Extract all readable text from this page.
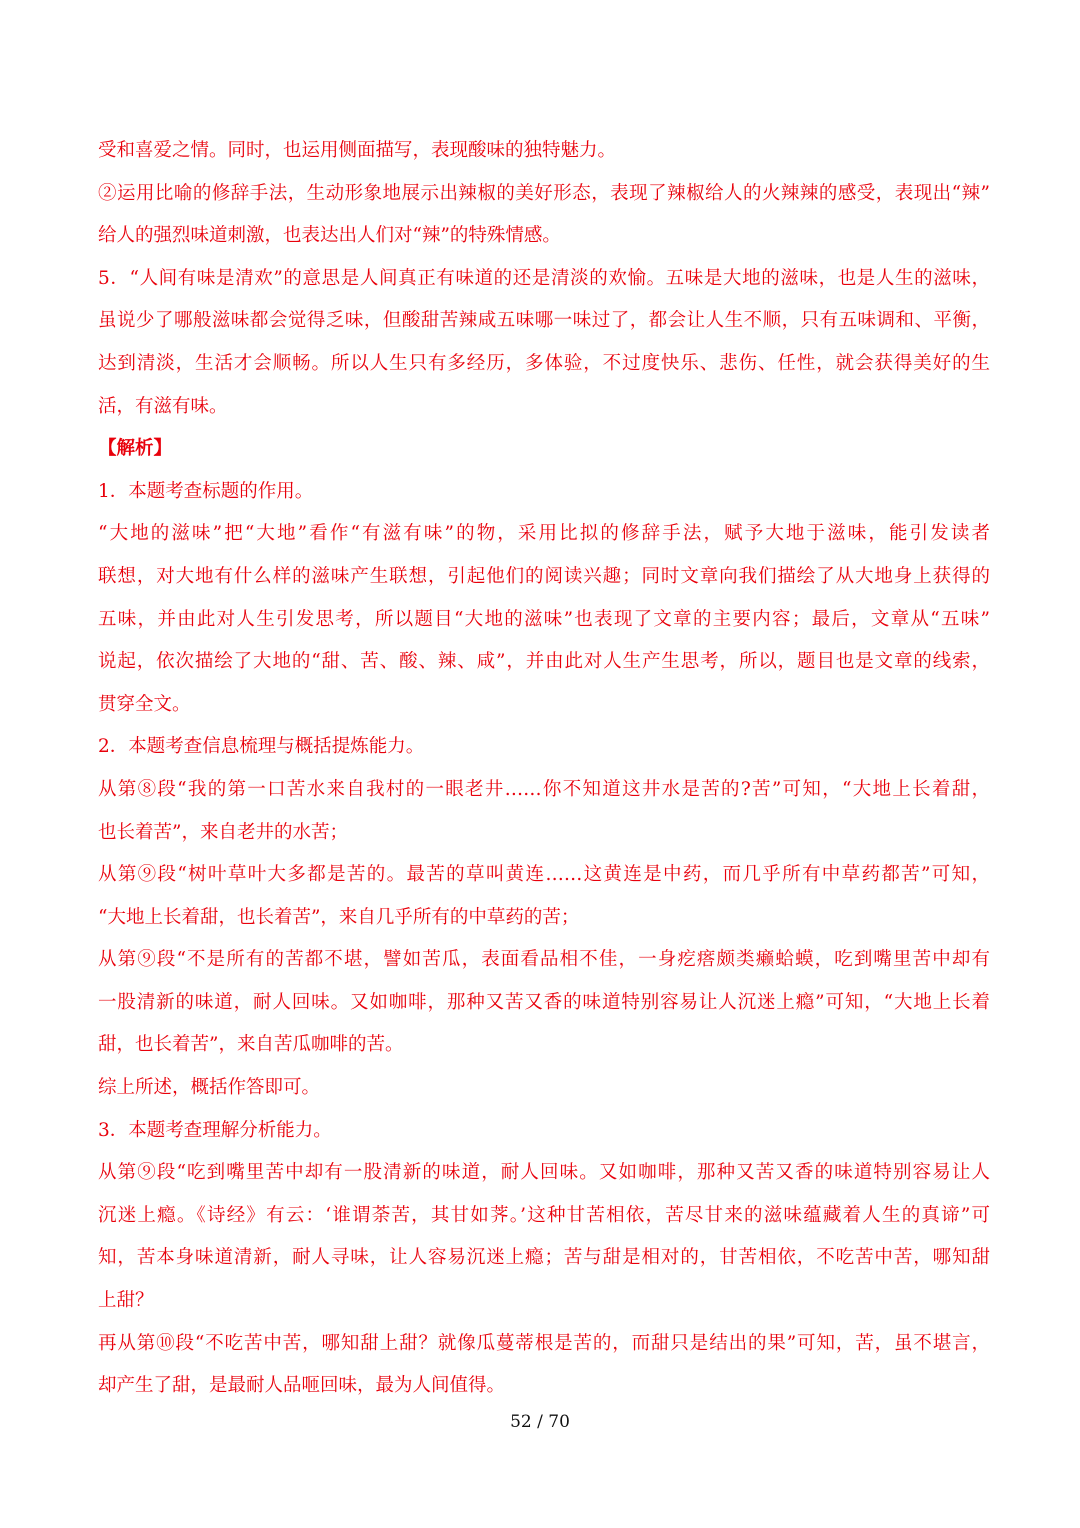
受和喜爱之情。同时，也运用侧面描写，表现酸味的独特魅力。
②运用比喻的修辞手法，生动形象地展示出辣椒的美好形态，表现了辣椒给人的火辣辣的感受，表现出“辣”
给人的强烈味道刺激，也表达出人们对“辣”的特殊情感。
5．“人间有味是清欢”的意思是人间真正有味道的还是清淡的欢愉。五味是大地的滋味，也是人生的滋味，
虽说少了哪般滋味都会觉得乏味，但酸甜苦辣咸五味哪一味过了，都会让人生不顺，只有五味调和、平衡，
达到清淡，生活才会顺畅。所以人生只有多经历，多体验，不过度快乐、悲伤、任性，就会获得美好的生
活，有滋有味。
【解析】
1．本题考查标题的作用。
“大地的滋味”把“大地”看作“有滋有味”的物，采用比拟的修辞手法，赋予大地于滋味，能引发读者
联想，对大地有什么样的滋味产生联想，引起他们的阅读兴趣；同时文章向我们描绘了从大地身上获得的
五味，并由此对人生引发思考，所以题目“大地的滋味”也表现了文章的主要内容；最后，文章从“五味”
说起，依次描绘了大地的“甜、苦、酸、辣、咸”，并由此对人生产生思考，所以，题目也是文章的线索，
贯穿全文。
2．本题考查信息梳理与概括提炼能力。
从第⑧段“我的第一口苦水来自我村的一眼老井……你不知道这井水是苦的?苦”可知，“大地上长着甜，
也长着苦”，来自老井的水苦；
从第⑨段“树叶草叶大多都是苦的。最苦的草叫黄连……这黄连是中药，而几乎所有中草药都苦”可知，
“大地上长着甜，也长着苦”，来自几乎所有的中草药的苦；
从第⑨段“不是所有的苦都不堪，譬如苦瓜，表面看品相不佳，一身疙瘩颇类癞蛤蟆，吃到嘴里苦中却有
一股清新的味道，耐人回味。又如咖啡，那种又苦又香的味道特别容易让人沉迷上瘾”可知，“大地上长着
甜，也长着苦”，来自苦瓜咖啡的苦。
综上所述，概括作答即可。
3．本题考查理解分析能力。
从第⑨段“吃到嘴里苦中却有一股清新的味道，耐人回味。又如咖啡，那种又苦又香的味道特别容易让人
沉迷上瘾。《诗经》有云：‘谁谓荼苦，其甘如荠。’这种甘苦相依，苦尽甘来的滋味蕴藏着人生的真谛”可
知，苦本身味道清新，耐人寻味，让人容易沉迷上瘾；苦与甜是相对的，甘苦相依，不吃苦中苦，哪知甜
上甜？
再从第⑩段“不吃苦中苦，哪知甜上甜？就像瓜蔓蒂根是苦的，而甜只是结出的果”可知，苦，虽不堪言，
却产生了甜，是最耐人品咂回味，最为人间值得。
52 / 70
